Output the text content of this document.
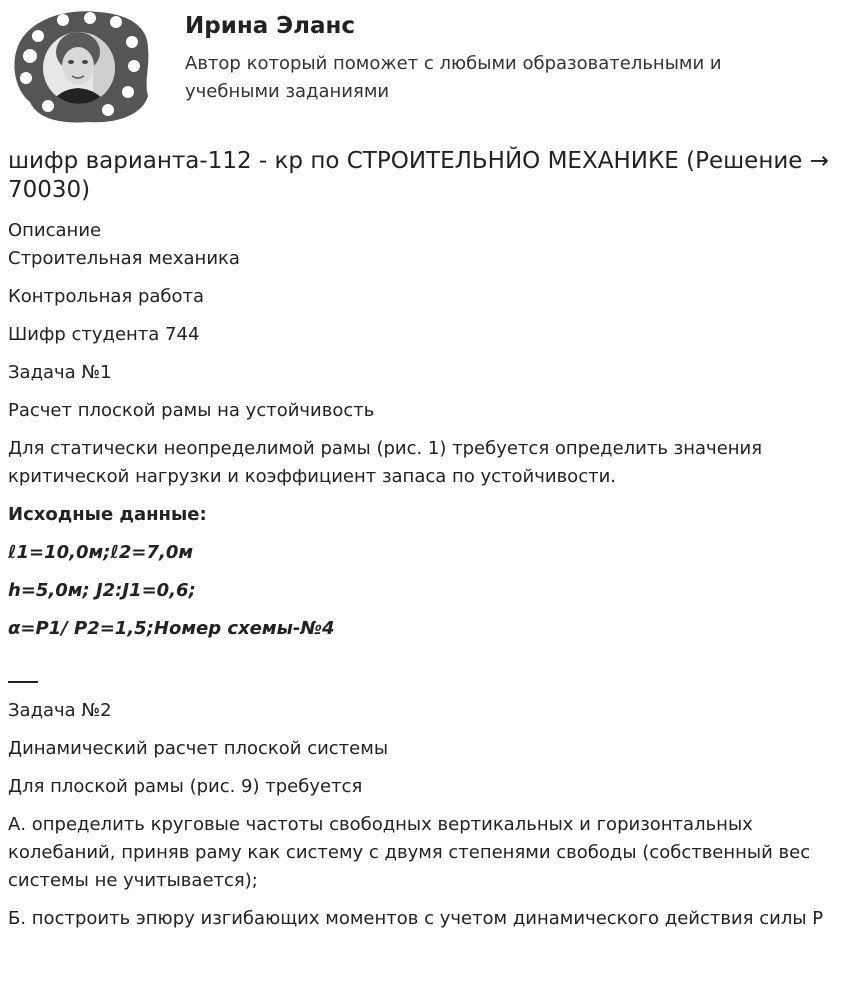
Ирина Эланс
Автор который поможет с любыми образовательными и учебными заданиями
шифр варианта-112 - кр по СТРОИТЕЛЬНЙО МЕХАНИКЕ (Решение → 70030)
Описание
Строительная механика
Контрольная работа
Шифр студента 744
Задача №1
Расчет плоской рамы на устойчивость
Для статически неопределимой рамы (рис. 1) требуется определить значения критической нагрузки и коэффициент запаса по устойчивости.
Исходные данные:
ℓ1=10,0м;ℓ2=7,0м
h=5,0м; J2:J1=0,6;
α=P1/ P2=1,5;Номер схемы-№4
Задача №2
Динамический расчет плоской системы
Для плоской рамы (рис. 9) требуется
А. определить круговые частоты свободных вертикальных и горизонтальных колебаний, приняв раму как систему с двумя степенями свободы (собственный вес системы не учитывается);
Б. построить эпюру изгибающих моментов с учетом динамического действия силы Р
